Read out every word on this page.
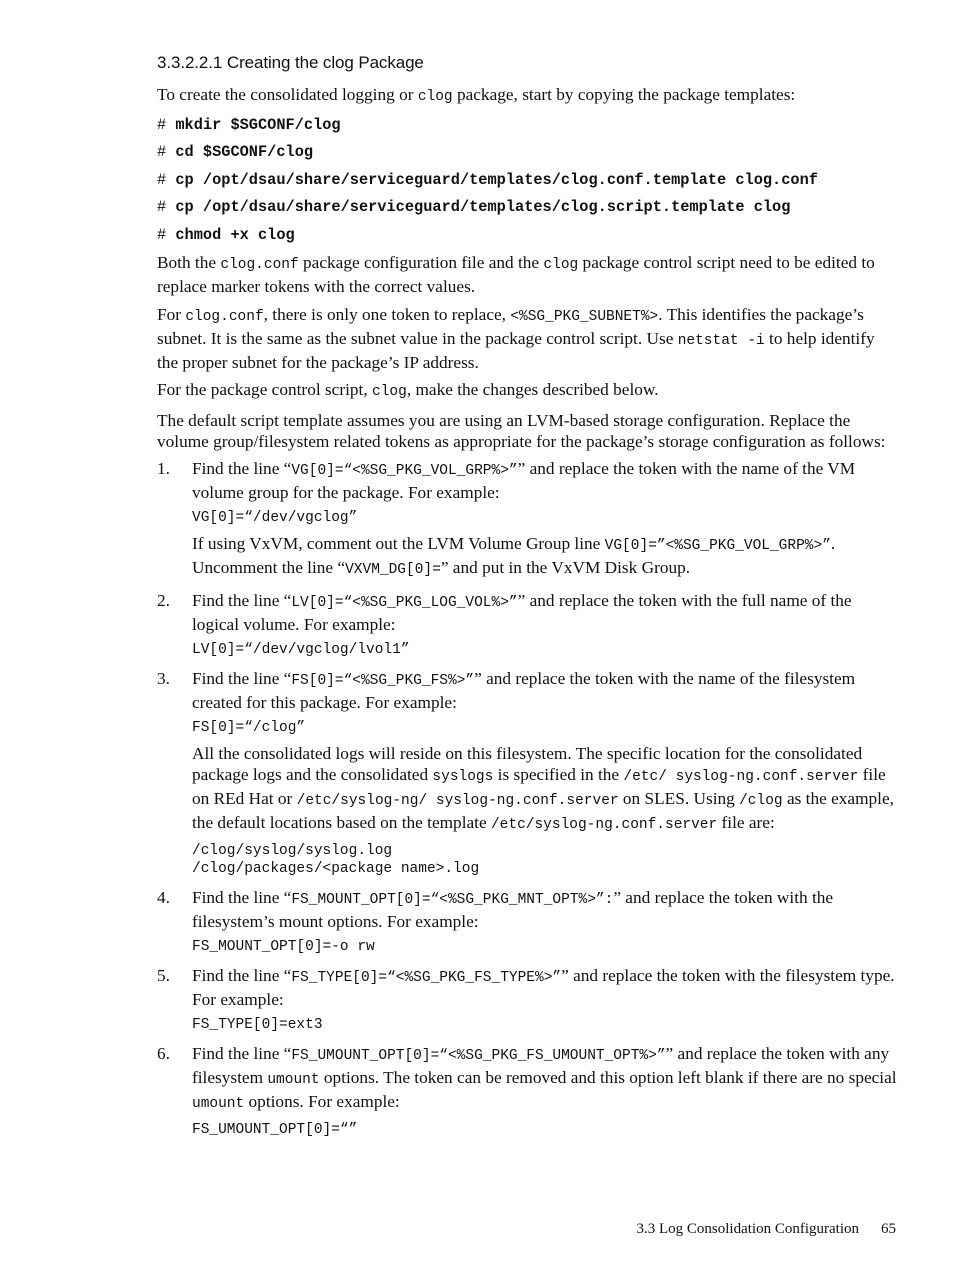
3.3.2.2.1 Creating the clog Package

To create the consolidated logging or clog package, start by copying the package templates:

# mkdir $SGCONF/clog
# cd $SGCONF/clog
# cp /opt/dsau/share/serviceguard/templates/clog.conf.template clog.conf
# cp /opt/dsau/share/serviceguard/templates/clog.script.template clog
# chmod +x clog

Both the clog.conf package configuration file and the clog package control script need to be edited to replace marker tokens with the correct values.

For clog.conf, there is only one token to replace, <%SG_PKG_SUBNET%>. This identifies the package’s subnet. It is the same as the subnet value in the package control script. Use netstat -i to help identify the proper subnet for the package’s IP address.

For the package control script, clog, make the changes described below.

The default script template assumes you are using an LVM-based storage configuration. Replace the volume group/filesystem related tokens as appropriate for the package’s storage configuration as follows:

1. Find the line “VG[0]=“<%SG_PKG_VOL_GRP%>”” and replace the token with the name of the VM volume group for the package. For example:
VG[0]=“/dev/vgclog”
If using VxVM, comment out the LVM Volume Group line VG[0]=”<%SG_PKG_VOL_GRP%>”. Uncomment the line “VXVM_DG[0]=” and put in the VxVM Disk Group.
2. Find the line “LV[0]=“<%SG_PKG_LOG_VOL%>”” and replace the token with the full name of the logical volume. For example:
LV[0]=“/dev/vgclog/lvol1”
3. Find the line “FS[0]=“<%SG_PKG_FS%>”” and replace the token with the name of the filesystem created for this package. For example:
FS[0]=“/clog”
All the consolidated logs will reside on this filesystem. The specific location for the consolidated package logs and the consolidated syslogs is specified in the /etc/ syslog-ng.conf.server file on REd Hat or /etc/syslog-ng/ syslog-ng.conf.server on SLES. Using /clog as the example, the default locations based on the template /etc/syslog-ng.conf.server file are:
/clog/syslog/syslog.log
/clog/packages/<package name>.log
4. Find the line “FS_MOUNT_OPT[0]=“<%SG_PKG_MNT_OPT%>”:” and replace the token with the filesystem’s mount options. For example:
FS_MOUNT_OPT[0]=-o rw
5. Find the line “FS_TYPE[0]=“<%SG_PKG_FS_TYPE%>”” and replace the token with the filesystem type. For example:
FS_TYPE[0]=ext3
6. Find the line “FS_UMOUNT_OPT[0]=“<%SG_PKG_FS_UMOUNT_OPT%>”” and replace the token with any filesystem umount options. The token can be removed and this option left blank if there are no special umount options. For example:
FS_UMOUNT_OPT[0]=“”
3.3 Log Consolidation Configuration 65
